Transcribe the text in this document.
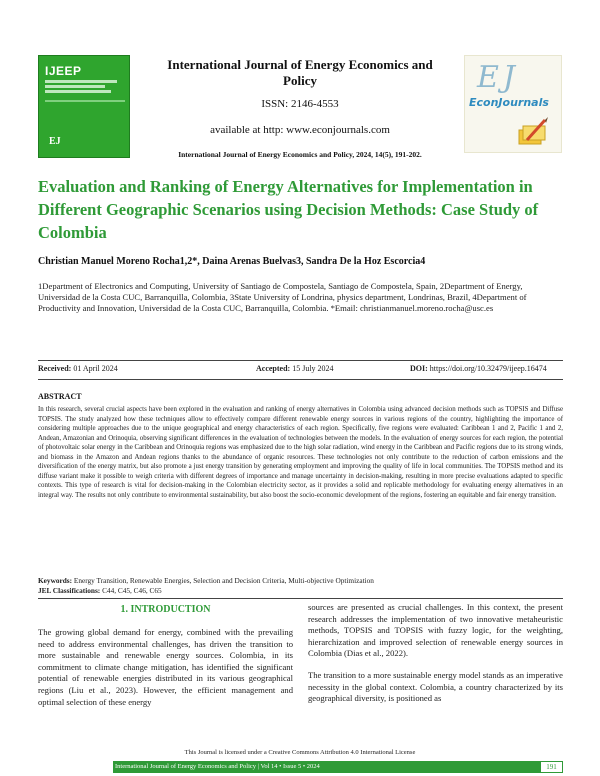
IJEEP
EJ
International Journal of Energy Economics and Policy
ISSN: 2146-4553
available at http: www.econjournals.com
International Journal of Energy Economics and Policy, 2024, 14(5), 191-202.
EJ
EconJournals
Evaluation and Ranking of Energy Alternatives for Implementation in Different Geographic Scenarios using Decision Methods: Case Study of Colombia
Christian Manuel Moreno Rocha1,2*, Daina Arenas Buelvas3, Sandra De la Hoz Escorcia4
1Department of Electronics and Computing, University of Santiago de Compostela, Santiago de Compostela, Spain, 2Department of Energy, Universidad de la Costa CUC, Barranquilla, Colombia, 3State University of Londrina, physics department, Londrinas, Brazil, 4Department of Productivity and Innovation, Universidad de la Costa CUC, Barranquilla, Colombia. *Email: christianmanuel.moreno.rocha@usc.es
Received: 01 April 2024	Accepted: 15 July 2024	DOI: https://doi.org/10.32479/ijeep.16474
ABSTRACT
In this research, several crucial aspects have been explored in the evaluation and ranking of energy alternatives in Colombia using advanced decision methods such as TOPSIS and Diffuse TOPSIS. The study analyzed how these techniques allow to effectively compare different renewable energy sources in various regions of the country, highlighting the importance of considering multiple approaches due to the unique geographical and energy characteristics of each region. Specifically, five regions were evaluated: Caribbean 1 and 2, Pacific 1 and 2, Andean, Amazonian and Orinoquia, observing significant differences in the evaluation of technologies between the models. In the evaluation of energy sources for each region, the potential of photovoltaic solar energy in the Caribbean and Orinoquia regions was emphasized due to the high solar radiation, wind energy in the Caribbean and Pacific regions due to its strong winds, and biomass in the Amazon and Andean regions thanks to the abundance of organic resources. These technologies not only contribute to the reduction of carbon emissions and the diversification of the energy matrix, but also promote a just energy transition by generating employment and improving the quality of life in local communities. The TOPSIS method and its diffuse variant make it possible to weigh criteria with different degrees of importance and manage uncertainty in decision-making, resulting in more precise evaluations adapted to specific contexts. This type of research is vital for decision-making in the Colombian electricity sector, as it provides a solid and replicable methodology for evaluating energy alternatives in an integral way. The results not only contribute to environmental sustainability, but also boost the socio-economic development of the regions, fostering an equitable and fair energy transition.
Keywords: Energy Transition, Renewable Energies, Selection and Decision Criteria, Multi-objective Optimization
JEL Classifications: C44, C45, C46, C65
1. INTRODUCTION
The growing global demand for energy, combined with the prevailing need to address environmental challenges, has driven the transition to more sustainable and renewable energy sources. Colombia, in its commitment to climate change mitigation, has identified the significant potential of renewable energies distributed in its various geographical regions (Liu et al., 2023). However, the efficient management and optimal selection of these energy
sources are presented as crucial challenges. In this context, the present research addresses the implementation of two innovative metaheuristic methods, TOPSIS and TOPSIS with fuzzy logic, for the weighting, hierarchization and improved selection of renewable energy sources in Colombia (Dias et al., 2022).
The transition to a more sustainable energy model stands as an imperative necessity in the global context. Colombia, a country characterized by its geographical diversity, is positioned as
This Journal is licensed under a Creative Commons Attribution 4.0 International License
International Journal of Energy Economics and Policy | Vol 14 • Issue 5 • 2024	191
